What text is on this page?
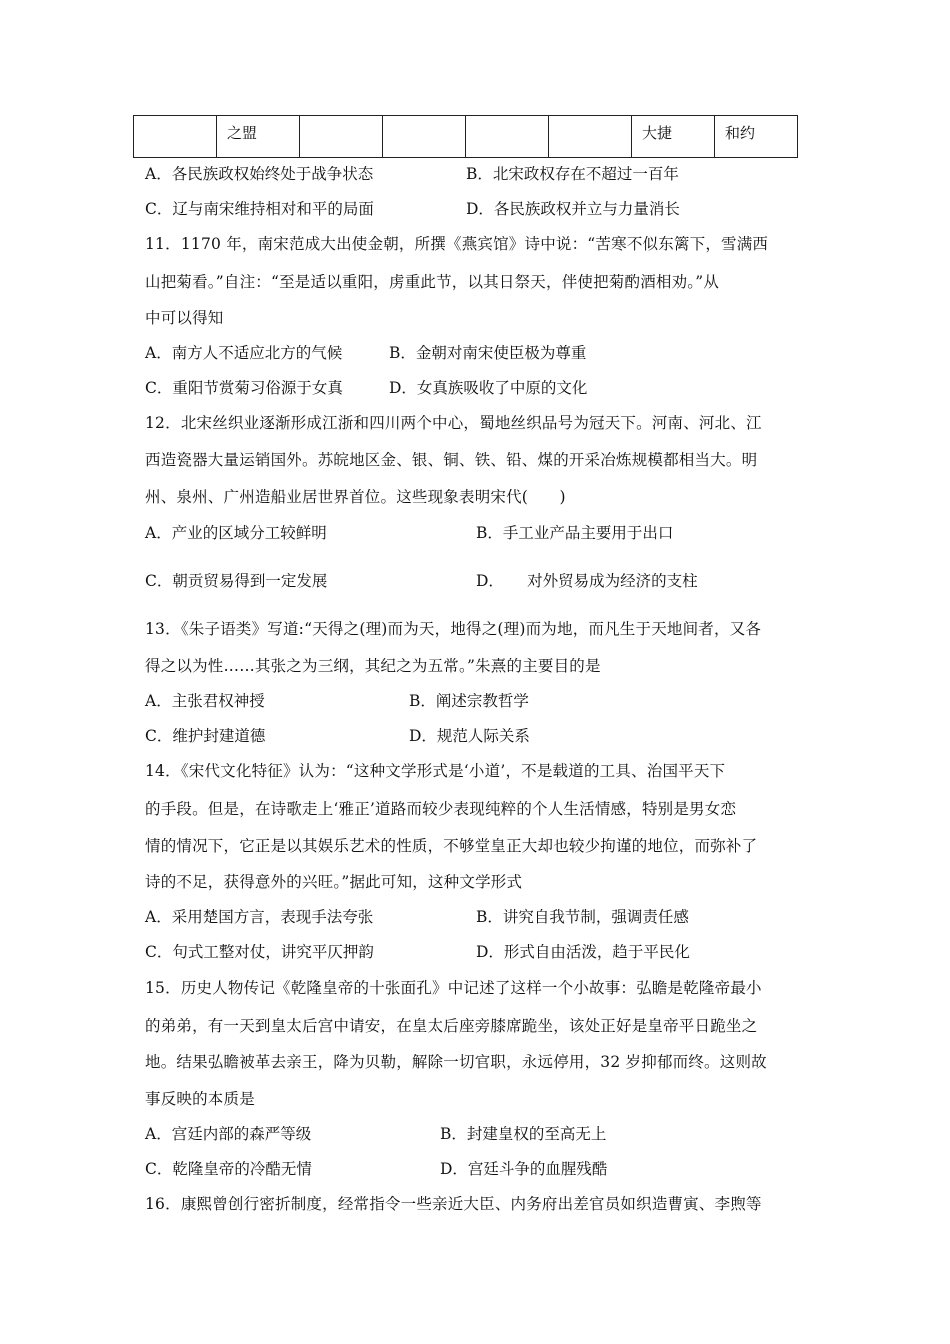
	之盟					大捷	和约
A．各民族政权始终处于战争状态	B．北宋政权存在不超过一百年
C．辽与南宋维持相对和平的局面	D．各民族政权并立与力量消长
11．1170 年，南宋范成大出使金朝，所撰《燕宾馆》诗中说：“苦寒不似东篱下，雪满西
山把菊看。”自注：“至是适以重阳，虏重此节，以其日祭天，伴使把菊酌酒相劝。”从
中可以得知
A．南方人不适应北方的气候	B．金朝对南宋使臣极为尊重
C．重阳节赏菊习俗源于女真	D．女真族吸收了中原的文化
12．北宋丝织业逐渐形成江浙和四川两个中心，蜀地丝织品号为冠天下。河南、河北、江
西造瓷器大量运销国外。苏皖地区金、银、铜、铁、铅、煤的开采冶炼规模都相当大。明
州、泉州、广州造船业居世界首位。这些现象表明宋代(　　)
A．产业的区域分工较鲜明	B．手工业产品主要用于出口
C．朝贡贸易得到一定发展	D．　　对外贸易成为经济的支柱
13．《朱子语类》写道:“天得之(理)而为天，地得之(理)而为地，而凡生于天地间者，又各
得之以为性……其张之为三纲，其纪之为五常。”朱熹的主要目的是
A．主张君权神授	B．阐述宗教哲学
C．维护封建道德	D．规范人际关系
14．《宋代文化特征》认为：“这种文学形式是‘小道’，不是载道的工具、治国平天下
的手段。但是，在诗歌走上‘雅正’道路而较少表现纯粹的个人生活情感，特别是男女恋
情的情况下，它正是以其娱乐艺术的性质，不够堂皇正大却也较少拘谨的地位，而弥补了
诗的不足，获得意外的兴旺。”据此可知，这种文学形式
A．采用楚国方言，表现手法夸张	B．讲究自我节制，强调责任感
C．句式工整对仗，讲究平仄押韵	D．形式自由活泼，趋于平民化
15．历史人物传记《乾隆皇帝的十张面孔》中记述了这样一个小故事：弘瞻是乾隆帝最小
的弟弟，有一天到皇太后宫中请安，在皇太后座旁膝席跪坐，该处正好是皇帝平日跪坐之
地。结果弘瞻被革去亲王，降为贝勒，解除一切官职，永远停用，32 岁抑郁而终。这则故
事反映的本质是
A．宫廷内部的森严等级	B．封建皇权的至高无上
C．乾隆皇帝的冷酷无情	D．宫廷斗争的血腥残酷
16．康熙曾创行密折制度，经常指令一些亲近大臣、内务府出差官员如织造曹寅、李煦等
